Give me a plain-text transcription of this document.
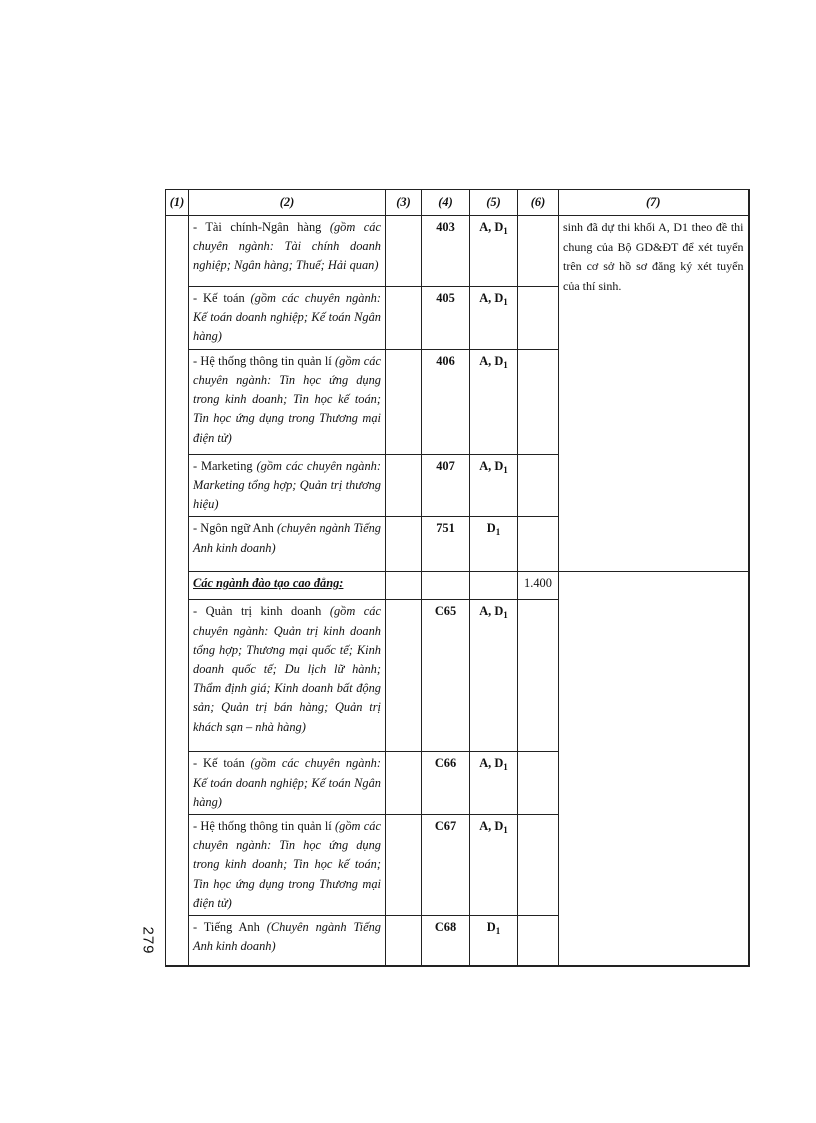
(1)	(2)	(3)	(4)	(5)	(6)	(7)
	- Tài chính-Ngân hàng (gồm các chuyên ngành: Tài chính doanh nghiệp; Ngân hàng; Thuế; Hải quan)		403	A, $D_1$		sinh đã dự thi khối A, D1 theo đề thi chung của Bộ GD&ĐT để xét tuyển trên cơ sở hồ sơ đăng ký xét tuyển của thí sinh.
	- Kế toán (gồm các chuyên ngành: Kế toán doanh nghiệp; Kế toán Ngân hàng)		405	A, $D_1$	
	- Hệ thống thông tin quản lí (gồm các chuyên ngành: Tin học ứng dụng trong kinh doanh; Tin học kế toán; Tin học ứng dụng trong Thương mại điện tử)		406	A, $D_1$	
	- Marketing (gồm các chuyên ngành: Marketing tổng hợp; Quản trị thương hiệu)		407	A, $D_1$	
	- Ngôn ngữ Anh (chuyên ngành Tiếng Anh kinh doanh)		751	$D_1$	
	Các ngành đào tạo cao đẳng:				1.400	
	- Quản trị kinh doanh (gồm các chuyên ngành: Quản trị kinh doanh tổng hợp; Thương mại quốc tế; Kinh doanh quốc tế; Du lịch lữ hành; Thẩm định giá; Kinh doanh bất động sản; Quản trị bán hàng; Quản trị khách sạn – nhà hàng)		C65	A, $D_1$	
	- Kế toán (gồm các chuyên ngành: Kế toán doanh nghiệp; Kế toán Ngân hàng)		C66	A, $D_1$	
	- Hệ thống thông tin quản lí (gồm các chuyên ngành: Tin học ứng dụng trong kinh doanh; Tin học kế toán; Tin học ứng dụng trong Thương mại điện tử)		C67	A, $D_1$	
	- Tiếng Anh (Chuyên ngành Tiếng Anh kinh doanh)		C68	$D_1$	
279
